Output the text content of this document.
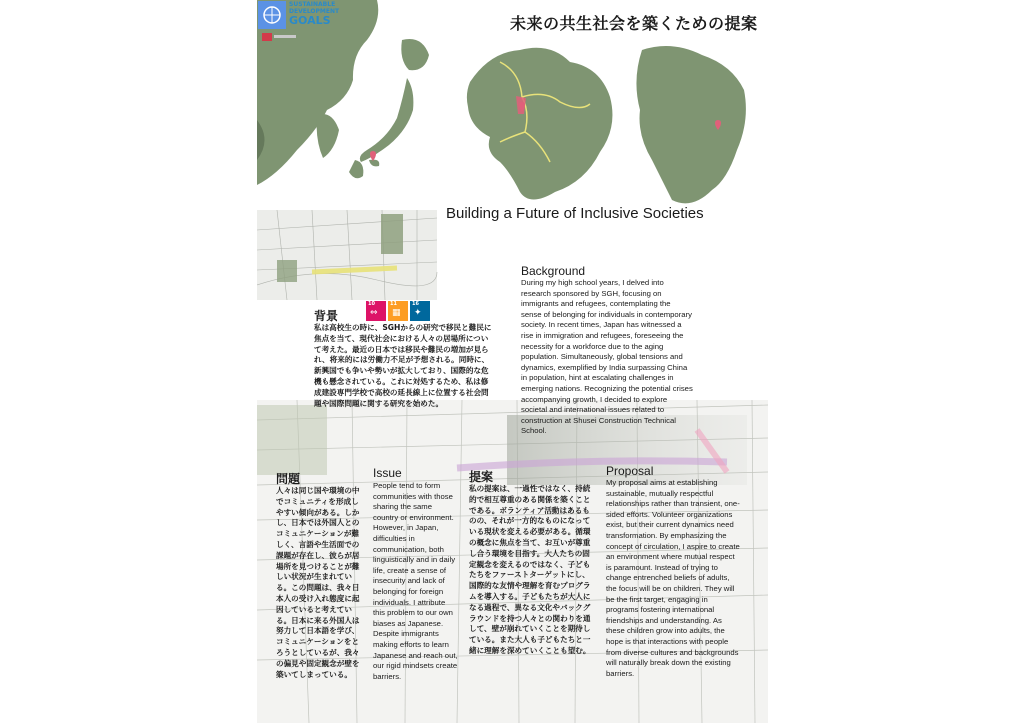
SUSTAINABLE
DEVELOPMENT
GOALS	未来の共生社会を築くための提案
Building a Future of Inclusive Societies
背景
10
⇔
11
▦
16
✦
私は高校生の時に、SGHからの研究で移民と難民に焦点を当て、現代社会における人々の居場所について考えた。最近の日本では移民や難民の増加が見られ、将来的には労働力不足が予想される。同時に、新興国でも争いや勢いが拡大しており、国際的な危機も懸念されている。これに対処するため、私は修成建設専門学校で高校の延長線上に位置する社会問題や国際問題に関する研究を始めた。
Background
During my high school years, I delved into research sponsored by SGH, focusing on immigrants and refugees, contemplating the sense of belonging for individuals in contemporary society. In recent times, Japan has witnessed a rise in immigration and refugees, foreseeing the necessity for a workforce due to the aging population. Simultaneously, global tensions and dynamics, exemplified by India surpassing China in population, hint at escalating challenges in emerging nations. Recognizing the potential crises accompanying growth, I decided to explore societal and international issues related to construction at Shusei Construction Technical School.
問題
人々は同じ国や環境の中でコミュニティを形成しやすい傾向がある。しかし、日本では外国人とのコミュニケーションが難しく、言語や生活面での課題が存在し、彼らが居場所を見つけることが難しい状況が生まれている。この問題は、我々日本人の受け入れ態度に起因していると考えている。日本に来る外国人は努力して日本語を学び、コミュニケーションをとろうとしているが、我々の偏見や固定観念が壁を築いてしまっている。
Issue
People tend to form communities with those sharing the same country or environment. However, in Japan, difficulties in communication, both linguistically and in daily life, create a sense of insecurity and lack of belonging for foreign individuals. I attribute this problem to our own biases as Japanese. Despite immigrants making efforts to learn Japanese and reach out, our rigid mindsets create barriers.
提案
私の提案は、一過性ではなく、持続的で相互尊重のある関係を築くことである。ボランティア活動はあるものの、それが一方的なものになっている現状を変える必要がある。循環の概念に焦点を当て、お互いが尊重し合う環境を目指す。大人たちの固定観念を変えるのではなく、子どもたちをファーストターゲットにし、国際的な友情や理解を育むプログラムを導入する。子どもたちが大人になる過程で、異なる文化やバックグラウンドを持つ人々との関わりを通して、壁が崩れていくことを期待している。また大人も子どもたちと一緒に理解を深めていくことも望む。
Proposal
My proposal aims at establishing sustainable, mutually respectful relationships rather than transient, one-sided efforts. Volunteer organizations exist, but their current dynamics need transformation. By emphasizing the concept of circulation, I aspire to create an environment where mutual respect is paramount. Instead of trying to change entrenched beliefs of adults, the focus will be on children. They will be the first target, engaging in programs fostering international friendships and understanding. As these children grow into adults, the hope is that interactions with people from diverse cultures and backgrounds will naturally break down the existing barriers.
